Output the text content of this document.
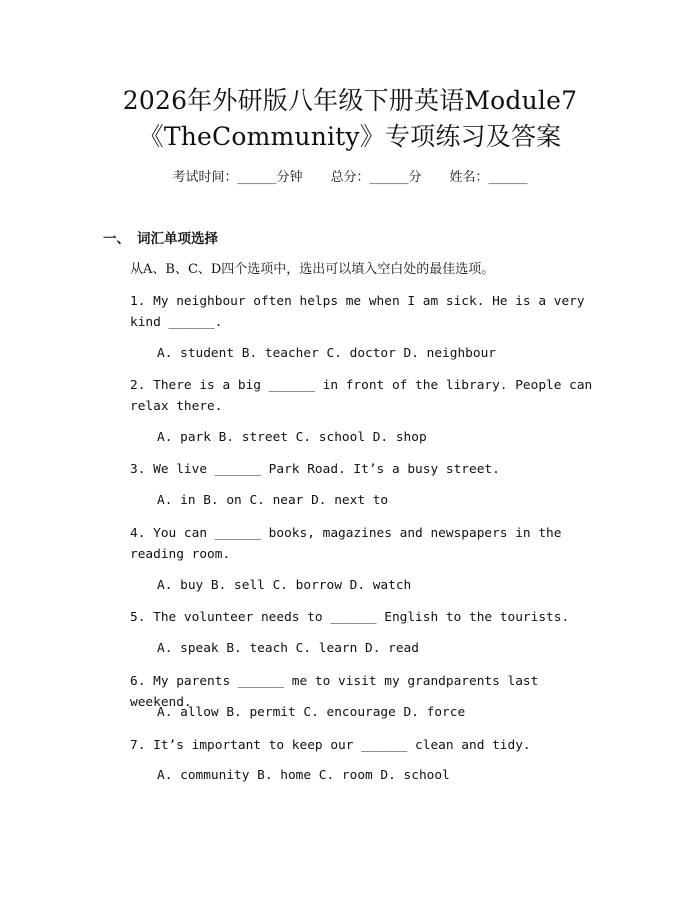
2026年外研版八年级下册英语Module7
《TheCommunity》专项练习及答案
考试时间：______分钟 总分：______分 姓名：______
一、 词汇单项选择
从A、B、C、D四个选项中，选出可以填入空白处的最佳选项。
1. My neighbour often helps me when I am sick. He is a very kind ______.
A. student B. teacher C. doctor D. neighbour
2. There is a big ______ in front of the library. People can relax there.
A. park B. street C. school D. shop
3. We live ______ Park Road. It’s a busy street.
A. in B. on C. near D. next to
4. You can ______ books, magazines and newspapers in the reading room.
A. buy B. sell C. borrow D. watch
5. The volunteer needs to ______ English to the tourists.
A. speak B. teach C. learn D. read
6. My parents ______ me to visit my grandparents last weekend.
A. allow B. permit C. encourage D. force
7. It’s important to keep our ______ clean and tidy.
A. community B. home C. room D. school
